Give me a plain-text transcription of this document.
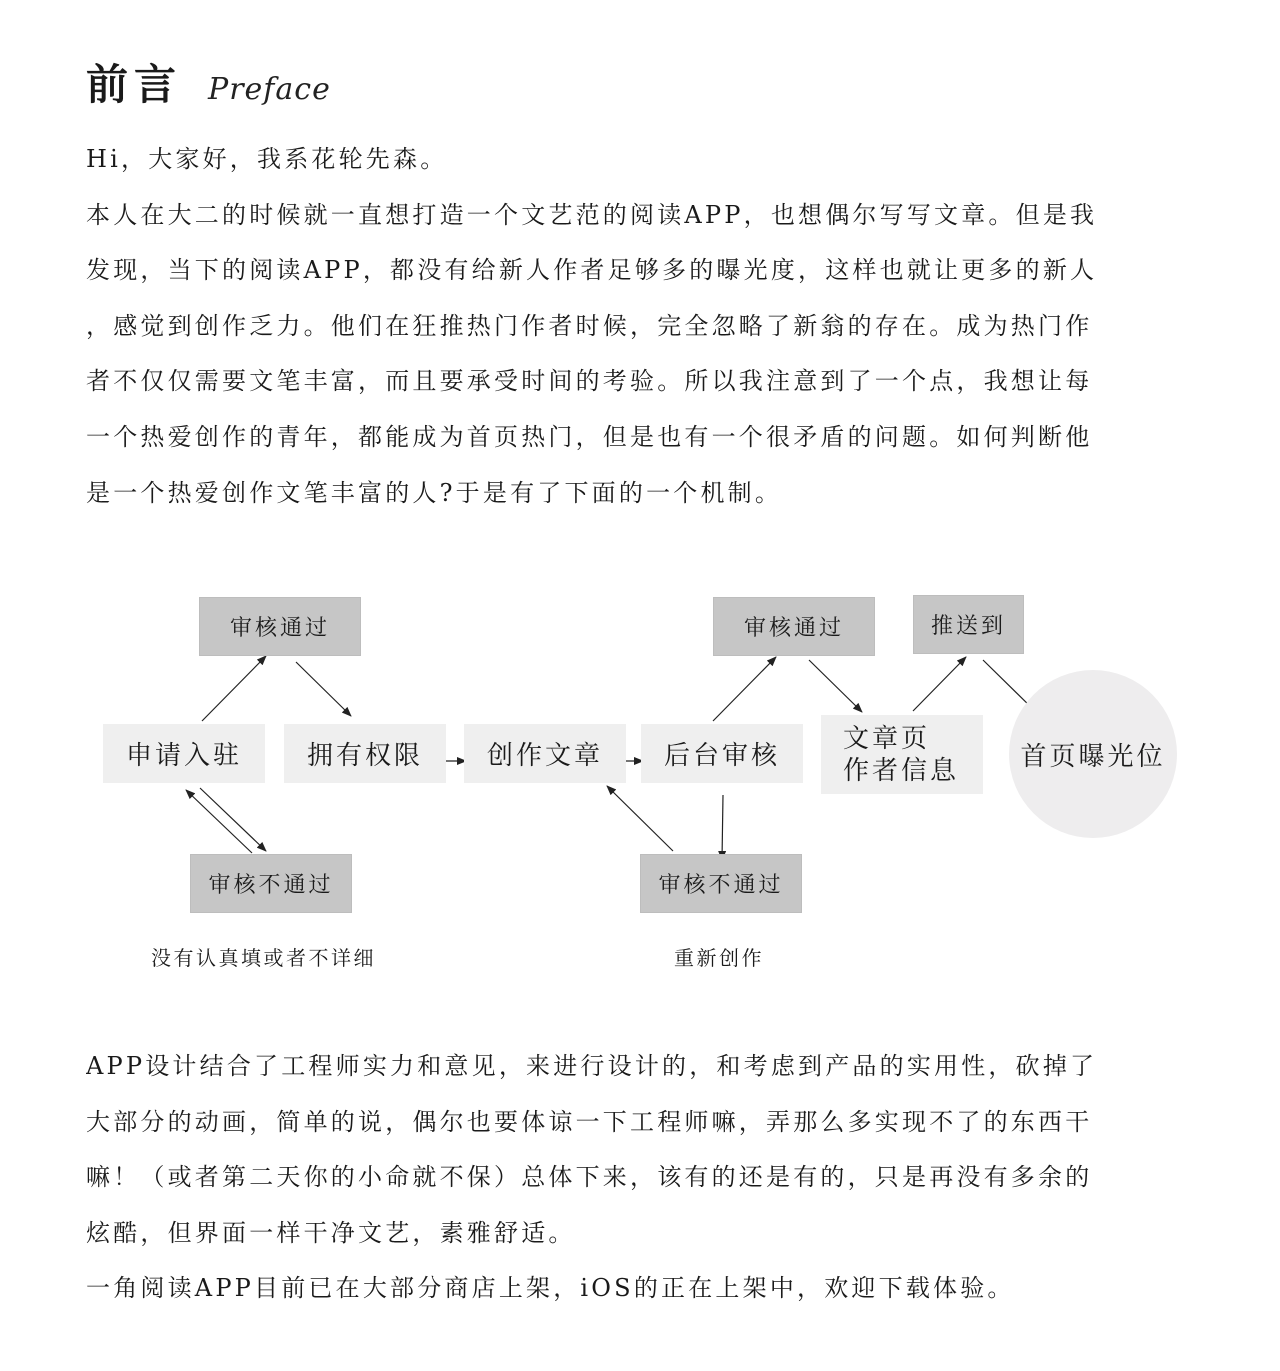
前言 Preface
Hi，大家好，我系花轮先森。
本人在大二的时候就一直想打造一个文艺范的阅读APP，也想偶尔写写文章。但是我
发现，当下的阅读APP，都没有给新人作者足够多的曝光度，这样也就让更多的新人
，感觉到创作乏力。他们在狂推热门作者时候，完全忽略了新翁的存在。成为热门作
者不仅仅需要文笔丰富，而且要承受时间的考验。所以我注意到了一个点，我想让每
一个热爱创作的青年，都能成为首页热门，但是也有一个很矛盾的问题。如何判断他
是一个热爱创作文笔丰富的人?于是有了下面的一个机制。
审核通过
申请入驻	拥有权限
审核不通过
没有认真填或者不详细
创作文章	后台审核
审核通过
审核不通过
重新创作
文章页
作者信息
推送到
首页曝光位
APP设计结合了工程师实力和意见，来进行设计的，和考虑到产品的实用性，砍掉了
大部分的动画，简单的说，偶尔也要体谅一下工程师嘛，弄那么多实现不了的东西干
嘛！（或者第二天你的小命就不保）总体下来，该有的还是有的，只是再没有多余的
炫酷，但界面一样干净文艺，素雅舒适。
一角阅读APP目前已在大部分商店上架，iOS的正在上架中，欢迎下载体验。
